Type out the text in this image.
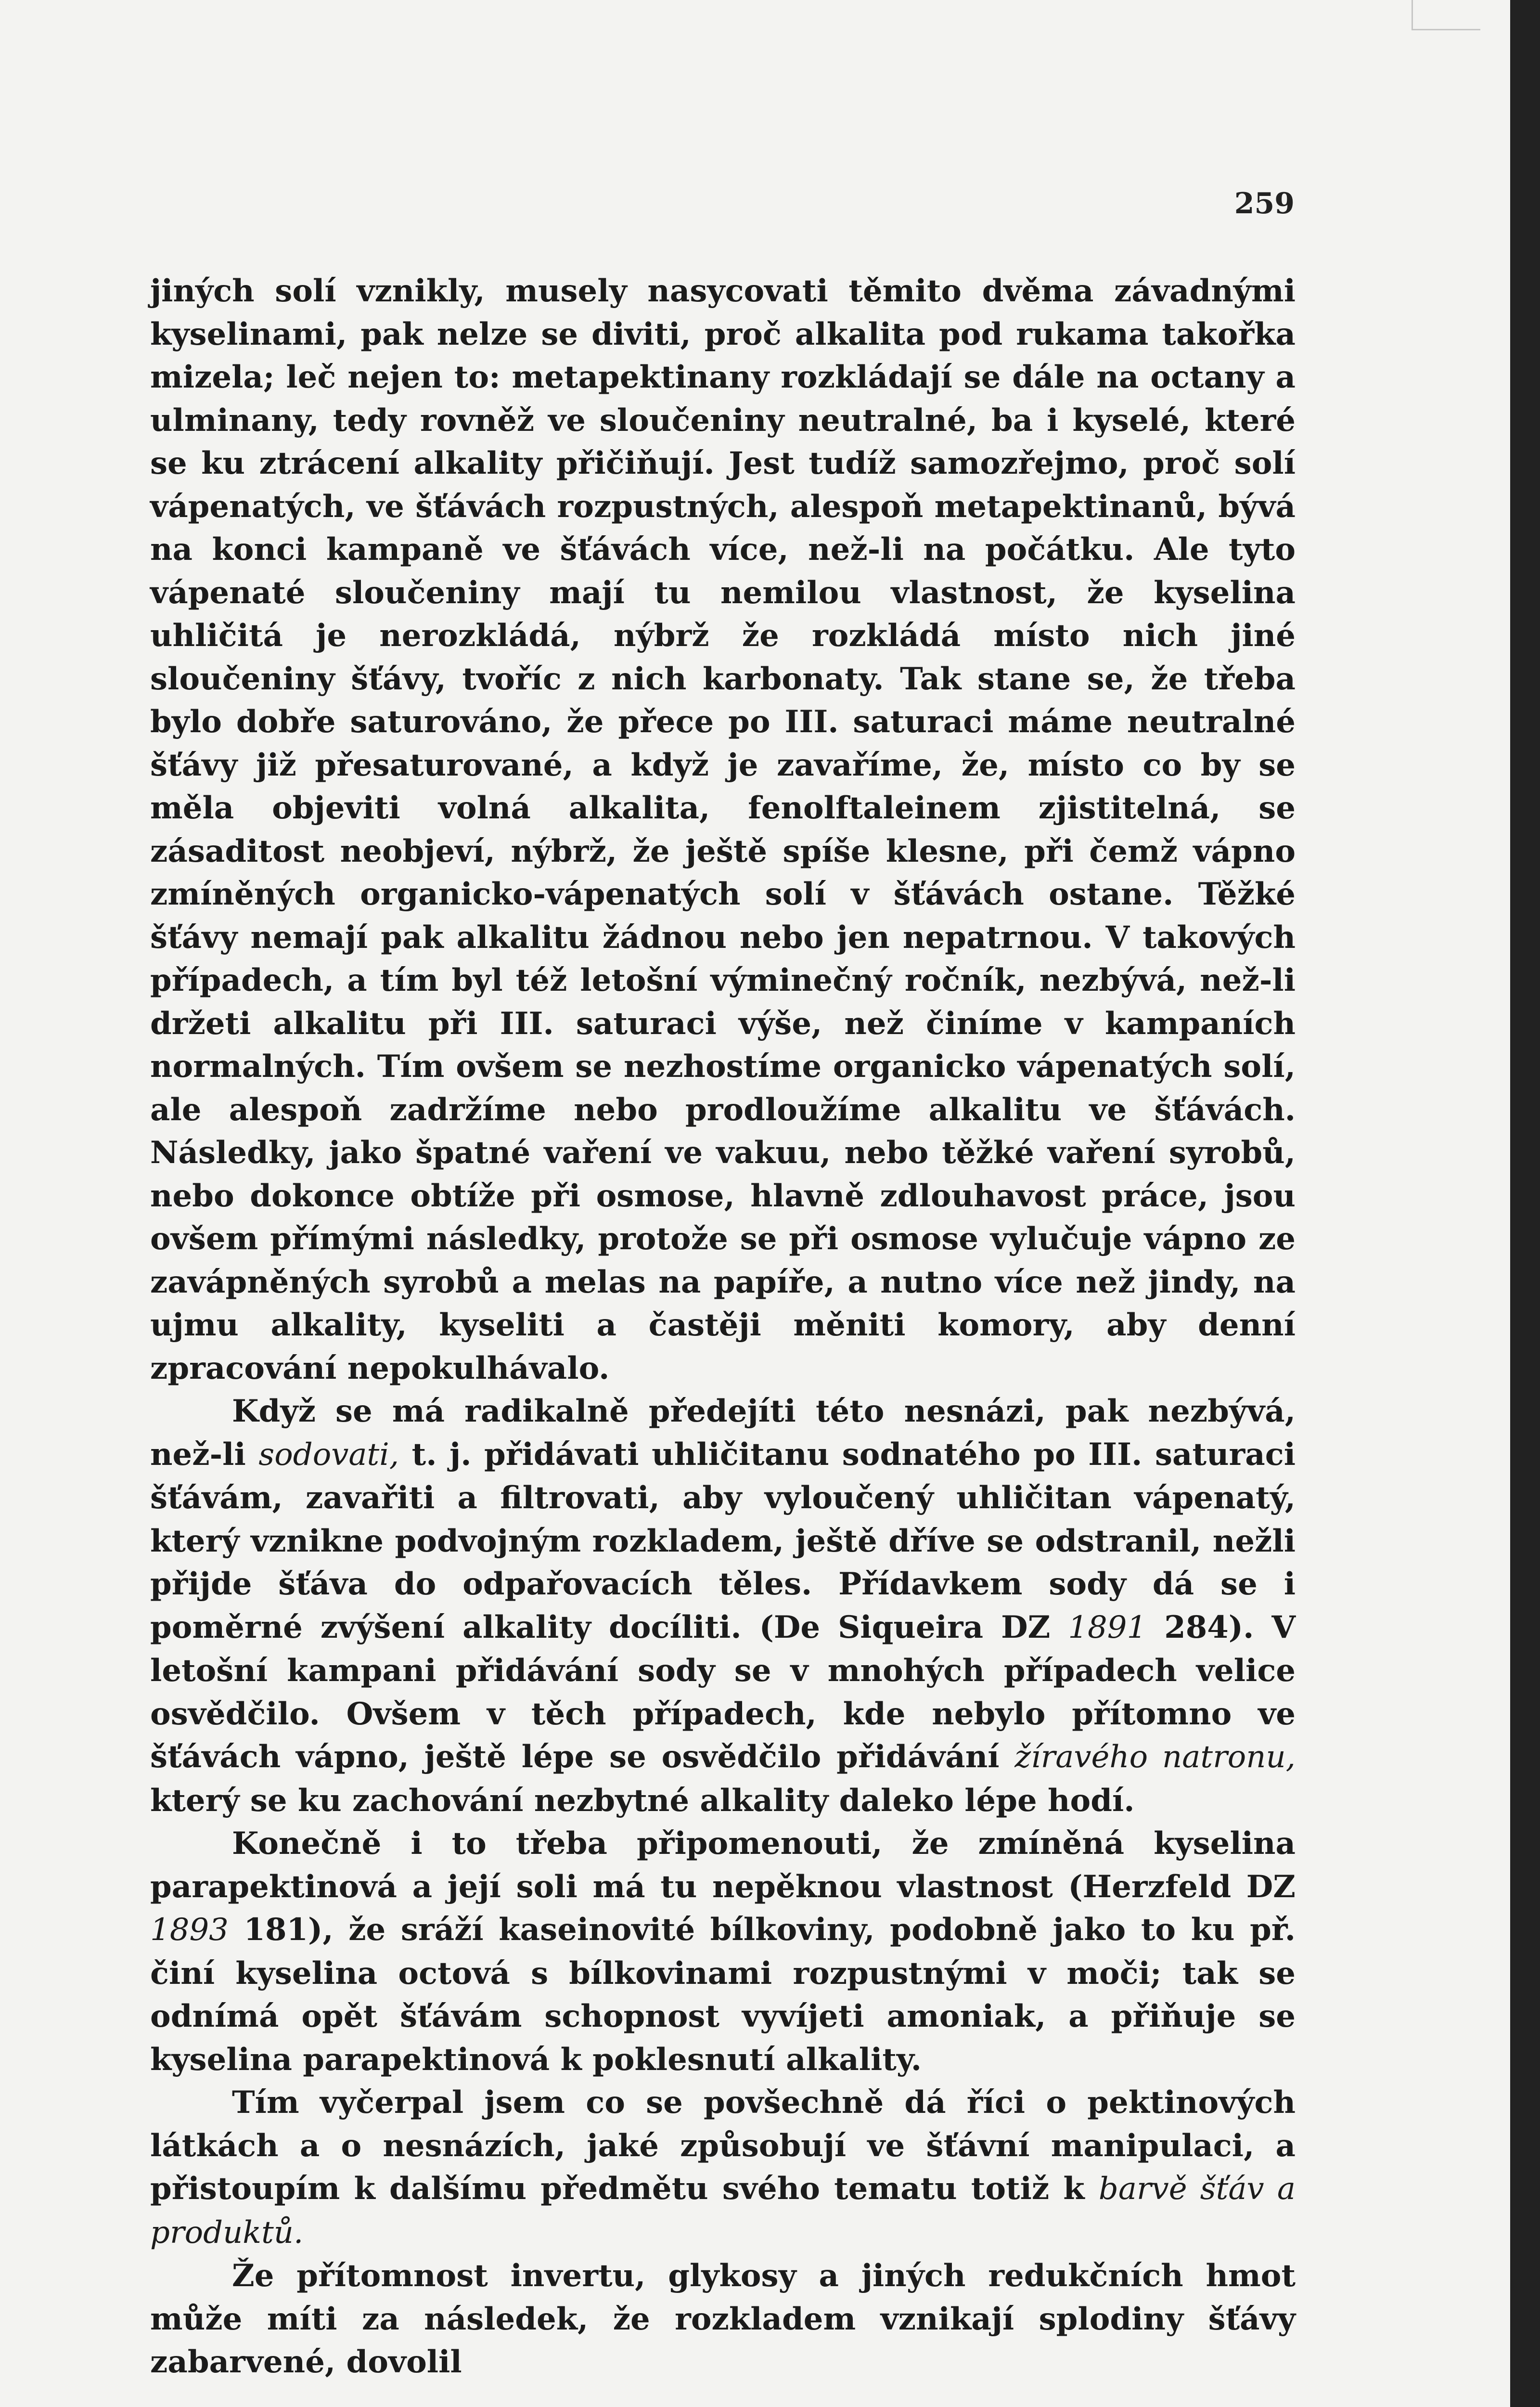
259

jiných solí vznikly, musely nasycovati těmito dvěma závadnými kyselinami, pak nelze se diviti, proč alkalita pod rukama takořka mizela; leč nejen to: metapektinany rozkládají se dále na octany a ulminany, tedy rovněž ve sloučeniny neutralné, ba i kyselé, které se ku ztrácení alkality přičiňují. Jest tudíž samozřejmo, proč solí vápenatých, ve šťávách rozpustných, alespoň metapektinanů, bývá na konci kampaně ve šťávách více, než-li na počátku. Ale tyto vápenaté sloučeniny mají tu nemilou vlastnost, že kyselina uhličitá je nerozkládá, nýbrž že rozkládá místo nich jiné sloučeniny šťávy, tvoříc z nich karbonaty. Tak stane se, že třeba bylo dobře saturováno, že přece po III. saturaci máme neutralné šťávy již přesaturované, a když je zavaříme, že, místo co by se měla objeviti volná alkalita, fenolftaleinem zjistitelná, se zásaditost neobjeví, nýbrž, že ještě spíše klesne, při čemž vápno zmíněných organicko-vápenatých solí v šťávách ostane. Těžké šťávy nemají pak alkalitu žádnou nebo jen nepatrnou. V takových případech, a tím byl též letošní výminečný ročník, nezbývá, než-li držeti alkalitu při III. saturaci výše, než činíme v kampaních normalných. Tím ovšem se nezhostíme organicko vápenatých solí, ale alespoň zadržíme nebo prodloužíme alkalitu ve šťávách. Následky, jako špatné vaření ve vakuu, nebo těžké vaření syrobů, nebo dokonce obtíže při osmose, hlavně zdlouhavost práce, jsou ovšem přímými následky, protože se při osmose vylučuje vápno ze zavápněných syrobů a melas na papíře, a nutno více než jindy, na ujmu alkality, kyseliti a častěji měniti komory, aby denní zpracování nepokulhávalo.

Když se má radikalně předejíti této nesnázi, pak nezbývá, než-li sodovati, t. j. přidávati uhličitanu sodnatého po III. saturaci šťávám, zavařiti a filtrovati, aby vyloučený uhličitan vápenatý, který vznikne podvojným rozkladem, ještě dříve se odstranil, nežli přijde šťáva do odpařovacích těles. Přídavkem sody dá se i poměrné zvýšení alkality docíliti. (De Siqueira DZ 1891 284). V letošní kampani přidávání sody se v mnohých případech velice osvědčilo. Ovšem v těch případech, kde nebylo přítomno ve šťávách vápno, ještě lépe se osvědčilo přidávání žíravého natronu, který se ku zachování nezbytné alkality daleko lépe hodí.

Konečně i to třeba připomenouti, že zmíněná kyselina parapektinová a její soli má tu nepěknou vlastnost (Herzfeld DZ 1893 181), že sráží kaseinovité bílkoviny, podobně jako to ku př. činí kyselina octová s bílkovinami rozpustnými v moči; tak se odnímá opět šťávám schopnost vyvíjeti amoniak, a přiňuje se kyselina parapektinová k poklesnutí alkality.

Tím vyčerpal jsem co se povšechně dá říci o pektinových látkách a o nesnázích, jaké způsobují ve šťávní manipulaci, a přistoupím k dalšímu předmětu svého tematu totiž k barvě šťáv a produktů.

Že přítomnost invertu, glykosy a jiných redukčních hmot může míti za následek, že rozkladem vznikají splodiny šťávy zabarvené, dovolil
